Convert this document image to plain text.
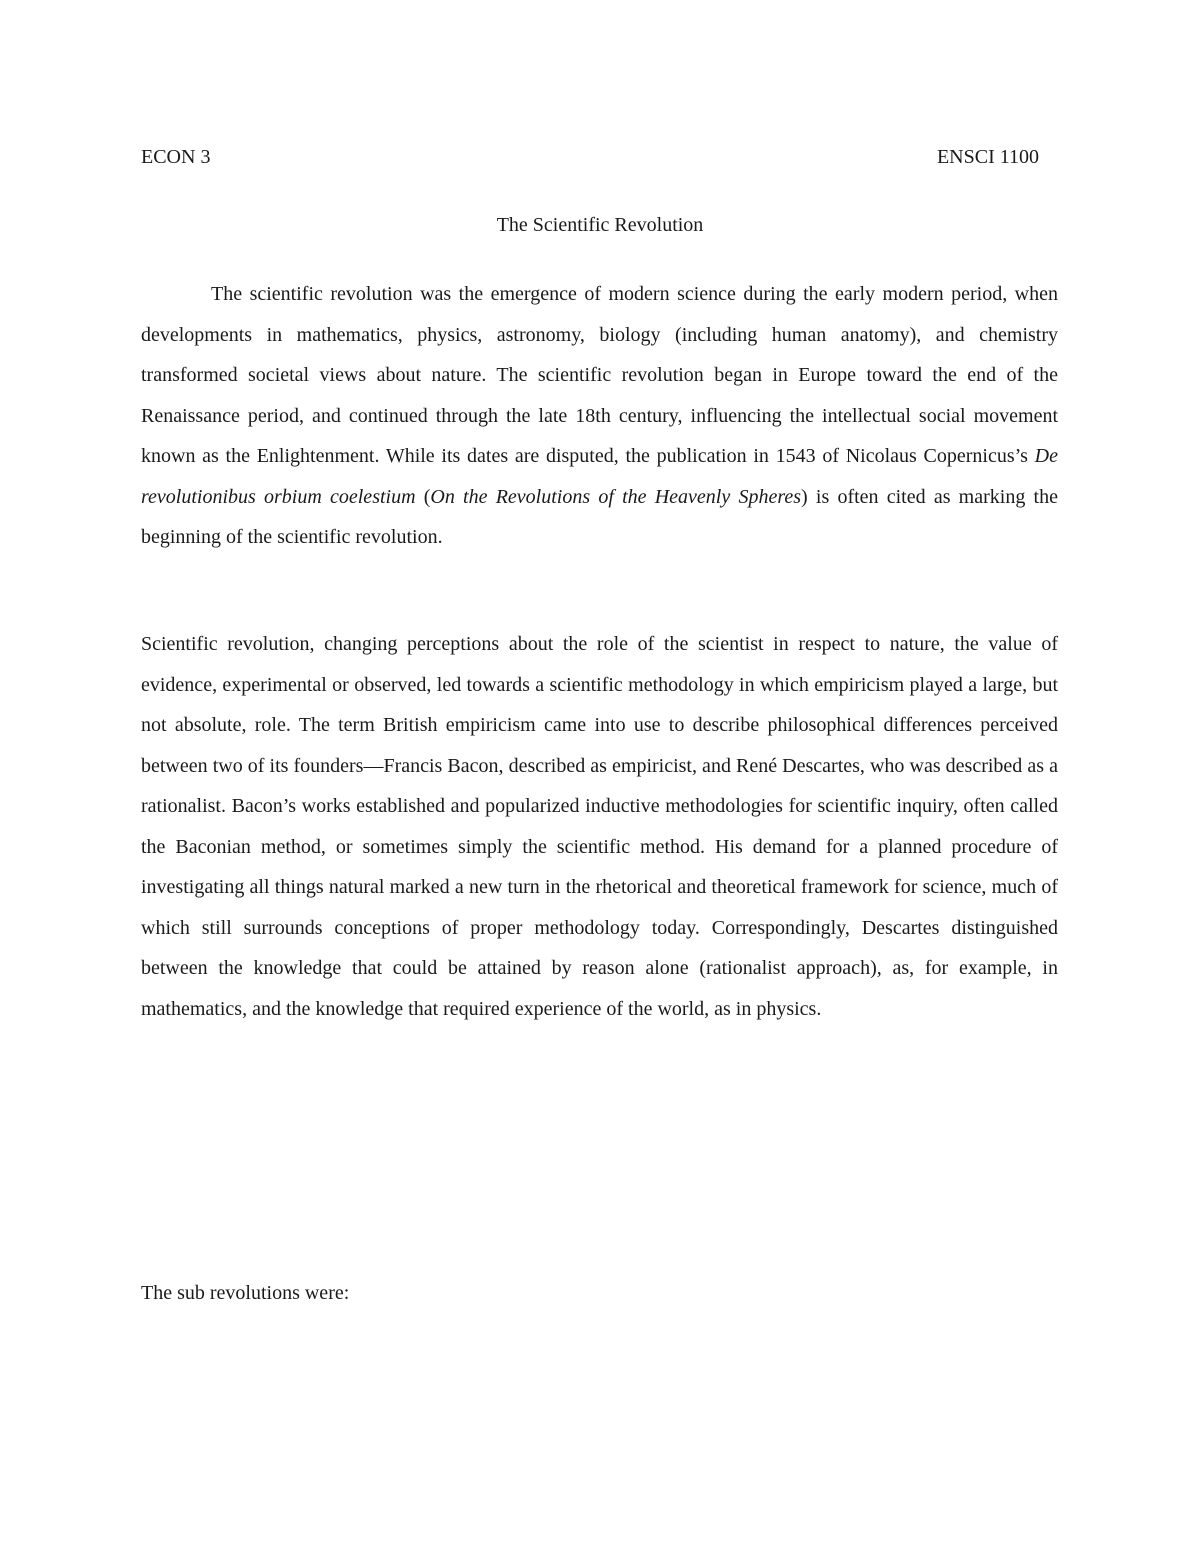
ECON 3	ENSCI 1100
The Scientific Revolution

The scientific revolution was the emergence of modern science during the early modern period, when developments in mathematics, physics, astronomy, biology (including human anatomy), and chemistry transformed societal views about nature. The scientific revolution began in Europe toward the end of the Renaissance period, and continued through the late 18th century, influencing the intellectual social movement known as the Enlightenment. While its dates are disputed, the publication in 1543 of Nicolaus Copernicus’s De revolutionibus orbium coelestium (On the Revolutions of the Heavenly Spheres) is often cited as marking the beginning of the scientific revolution.

Scientific revolution, changing perceptions about the role of the scientist in respect to nature, the value of evidence, experimental or observed, led towards a scientific methodology in which empiricism played a large, but not absolute, role. The term British empiricism came into use to describe philosophical differences perceived between two of its founders—Francis Bacon, described as empiricist, and René Descartes, who was described as a rationalist. Bacon’s works established and popularized inductive methodologies for scientific inquiry, often called the Baconian method, or sometimes simply the scientific method. His demand for a planned procedure of investigating all things natural marked a new turn in the rhetorical and theoretical framework for science, much of which still surrounds conceptions of proper methodology today. Correspondingly, Descartes distinguished between the knowledge that could be attained by reason alone (rationalist approach), as, for example, in mathematics, and the knowledge that required experience of the world, as in physics.

The sub revolutions were:
